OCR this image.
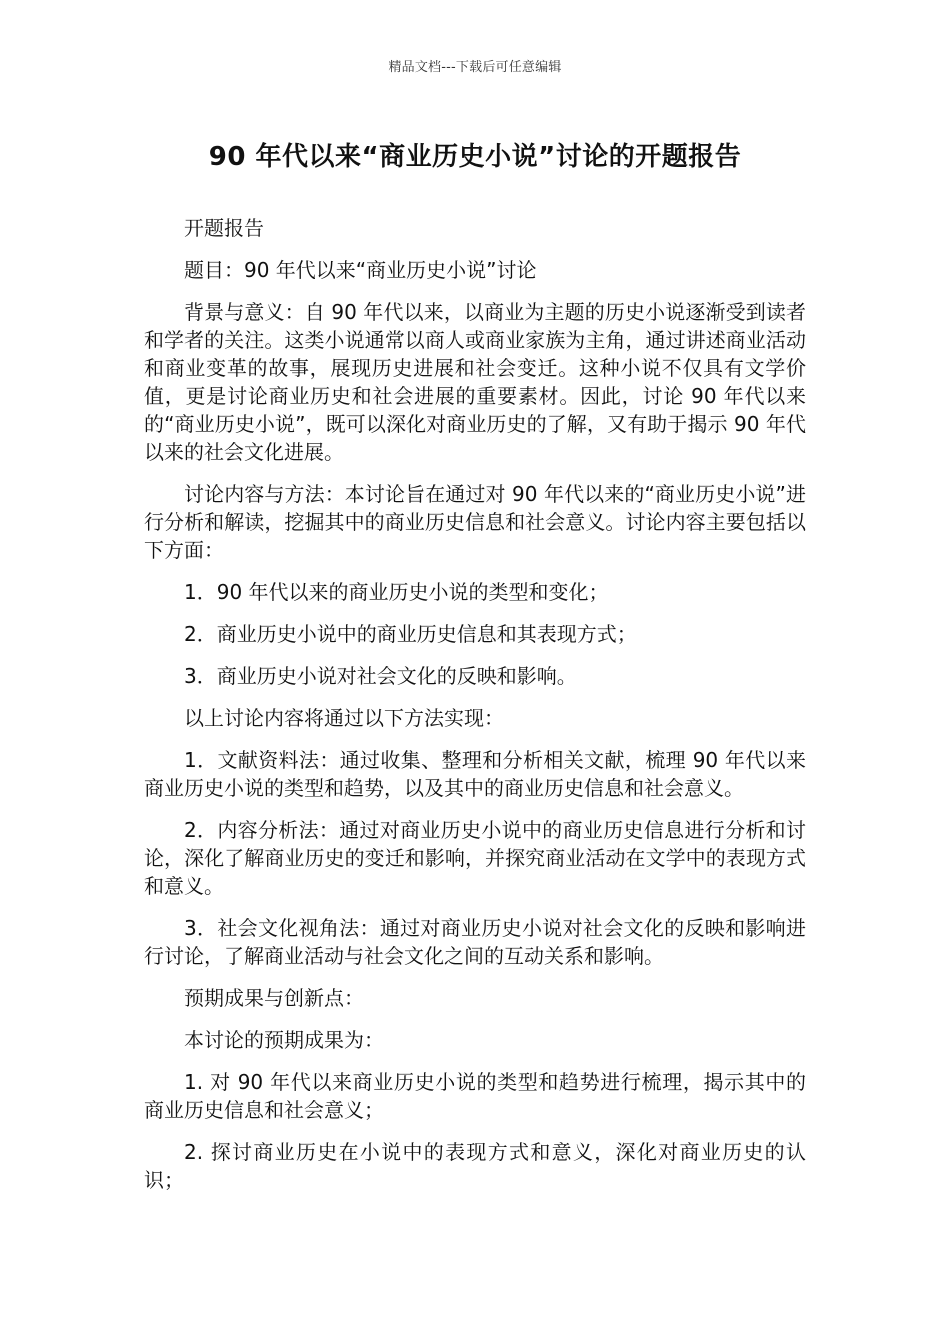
精品文档---下载后可任意编辑
90 年代以来“商业历史小说”讨论的开题报告

开题报告

题目：90 年代以来“商业历史小说”讨论

背景与意义：自 90 年代以来，以商业为主题的历史小说逐渐受到读者和学者的关注。这类小说通常以商人或商业家族为主角，通过讲述商业活动和商业变革的故事，展现历史进展和社会变迁。这种小说不仅具有文学价值，更是讨论商业历史和社会进展的重要素材。因此，讨论 90 年代以来的“商业历史小说”，既可以深化对商业历史的了解，又有助于揭示 90 年代以来的社会文化进展。

讨论内容与方法：本讨论旨在通过对 90 年代以来的“商业历史小说”进行分析和解读，挖掘其中的商业历史信息和社会意义。讨论内容主要包括以下方面：

1．90 年代以来的商业历史小说的类型和变化；

2．商业历史小说中的商业历史信息和其表现方式；

3．商业历史小说对社会文化的反映和影响。

以上讨论内容将通过以下方法实现：

1．文献资料法：通过收集、整理和分析相关文献，梳理 90 年代以来商业历史小说的类型和趋势，以及其中的商业历史信息和社会意义。

2．内容分析法：通过对商业历史小说中的商业历史信息进行分析和讨论，深化了解商业历史的变迁和影响，并探究商业活动在文学中的表现方式和意义。

3．社会文化视角法：通过对商业历史小说对社会文化的反映和影响进行讨论，了解商业活动与社会文化之间的互动关系和影响。

预期成果与创新点：

本讨论的预期成果为：

1. 对 90 年代以来商业历史小说的类型和趋势进行梳理，揭示其中的商业历史信息和社会意义；

2. 探讨商业历史在小说中的表现方式和意义，深化对商业历史的认识；
